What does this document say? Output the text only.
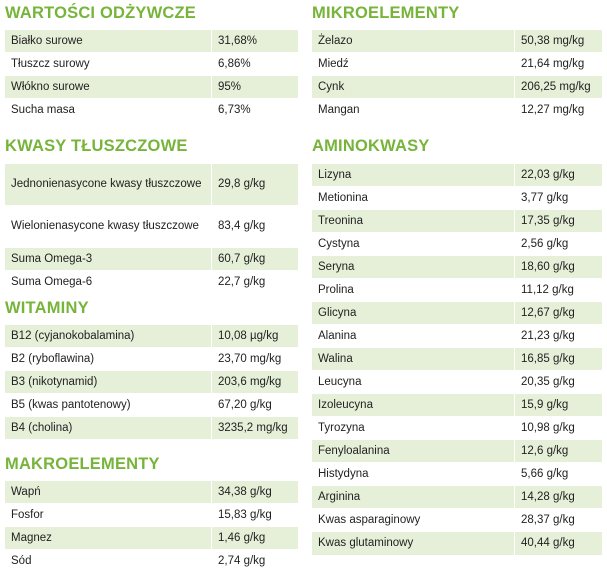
WARTOŚCI ODŻYWCZE
Białko surowe	31,68%
Tłuszcz surowy	6,86%
Włókno surowe	95%
Sucha masa	6,73%
KWASY TŁUSZCZOWE
Jednonienasycone kwasy tłuszczowe	29,8 g/kg
Wielonienasycone kwasy tłuszczowe	83,4 g/kg
Suma Omega-3	60,7 g/kg
Suma Omega-6	22,7 g/kg
WITAMINY
B12 (cyjanokobalamina)	10,08 µg/kg
B2 (ryboflawina)	23,70 mg/kg
B3 (nikotynamid)	203,6 mg/kg
B5 (kwas pantotenowy)	67,20 g/kg
B4 (cholina)	3235,2 mg/kg
MAKROELEMENTY
Wapń	34,38 g/kg
Fosfor	15,83 g/kg
Magnez	1,46 g/kg
Sód	2,74 g/kg
MIKROELEMENTY
Żelazo	50,38 mg/kg
Miedź	21,64 mg/kg
Cynk	206,25 mg/kg
Mangan	12,27 mg/kg
AMINOKWASY
Lizyna	22,03 g/kg
Metionina	3,77 g/kg
Treonina	17,35 g/kg
Cystyna	2,56 g/kg
Seryna	18,60 g/kg
Prolina	11,12 g/kg
Glicyna	12,67 g/kg
Alanina	21,23 g/kg
Walina	16,85 g/kg
Leucyna	20,35 g/kg
Izoleucyna	15,9 g/kg
Tyrozyna	10,98 g/kg
Fenyloalanina	12,6 g/kg
Histydyna	5,66 g/kg
Arginina	14,28 g/kg
Kwas asparaginowy	28,37 g/kg
Kwas glutaminowy	40,44 g/kg
